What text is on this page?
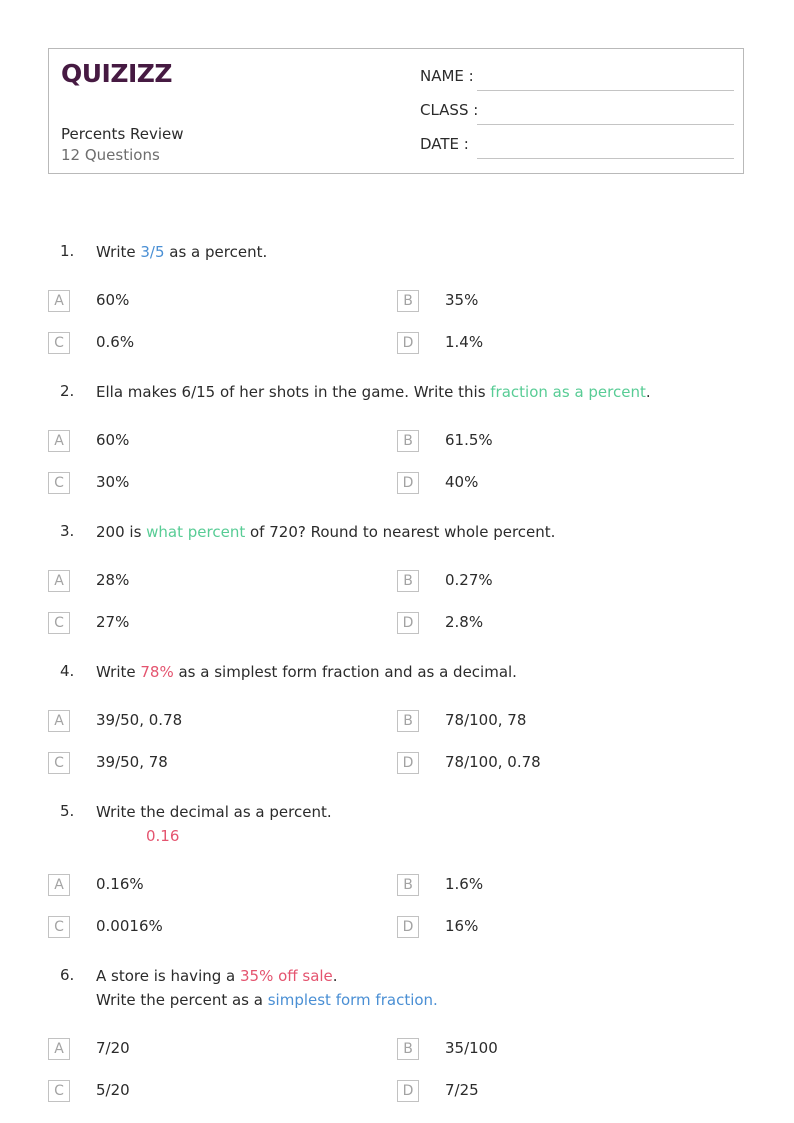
QUIZIZZ
Percents Review
12 Questions
NAME :
CLASS :
DATE :
1. Write 3/5 as a percent.
A	60%	B	35%
C	0.6%	D	1.4%
2. Ella makes 6/15 of her shots in the game. Write this fraction as a percent.
A	60%	B	61.5%
C	30%	D	40%
3. 200 is what percent of 720? Round to nearest whole percent.
A	28%	B	0.27%
C	27%	D	2.8%
4. Write 78% as a simplest form fraction and as a decimal.
A	39/50, 0.78	B	78/100, 78
C	39/50, 78	D	78/100, 0.78
5. Write the decimal as a percent.
0.16
A	0.16%	B	1.6%
C	0.0016%	D	16%
6. A store is having a 35% off sale.
Write the percent as a simplest form fraction.
A	7/20	B	35/100
C	5/20	D	7/25
